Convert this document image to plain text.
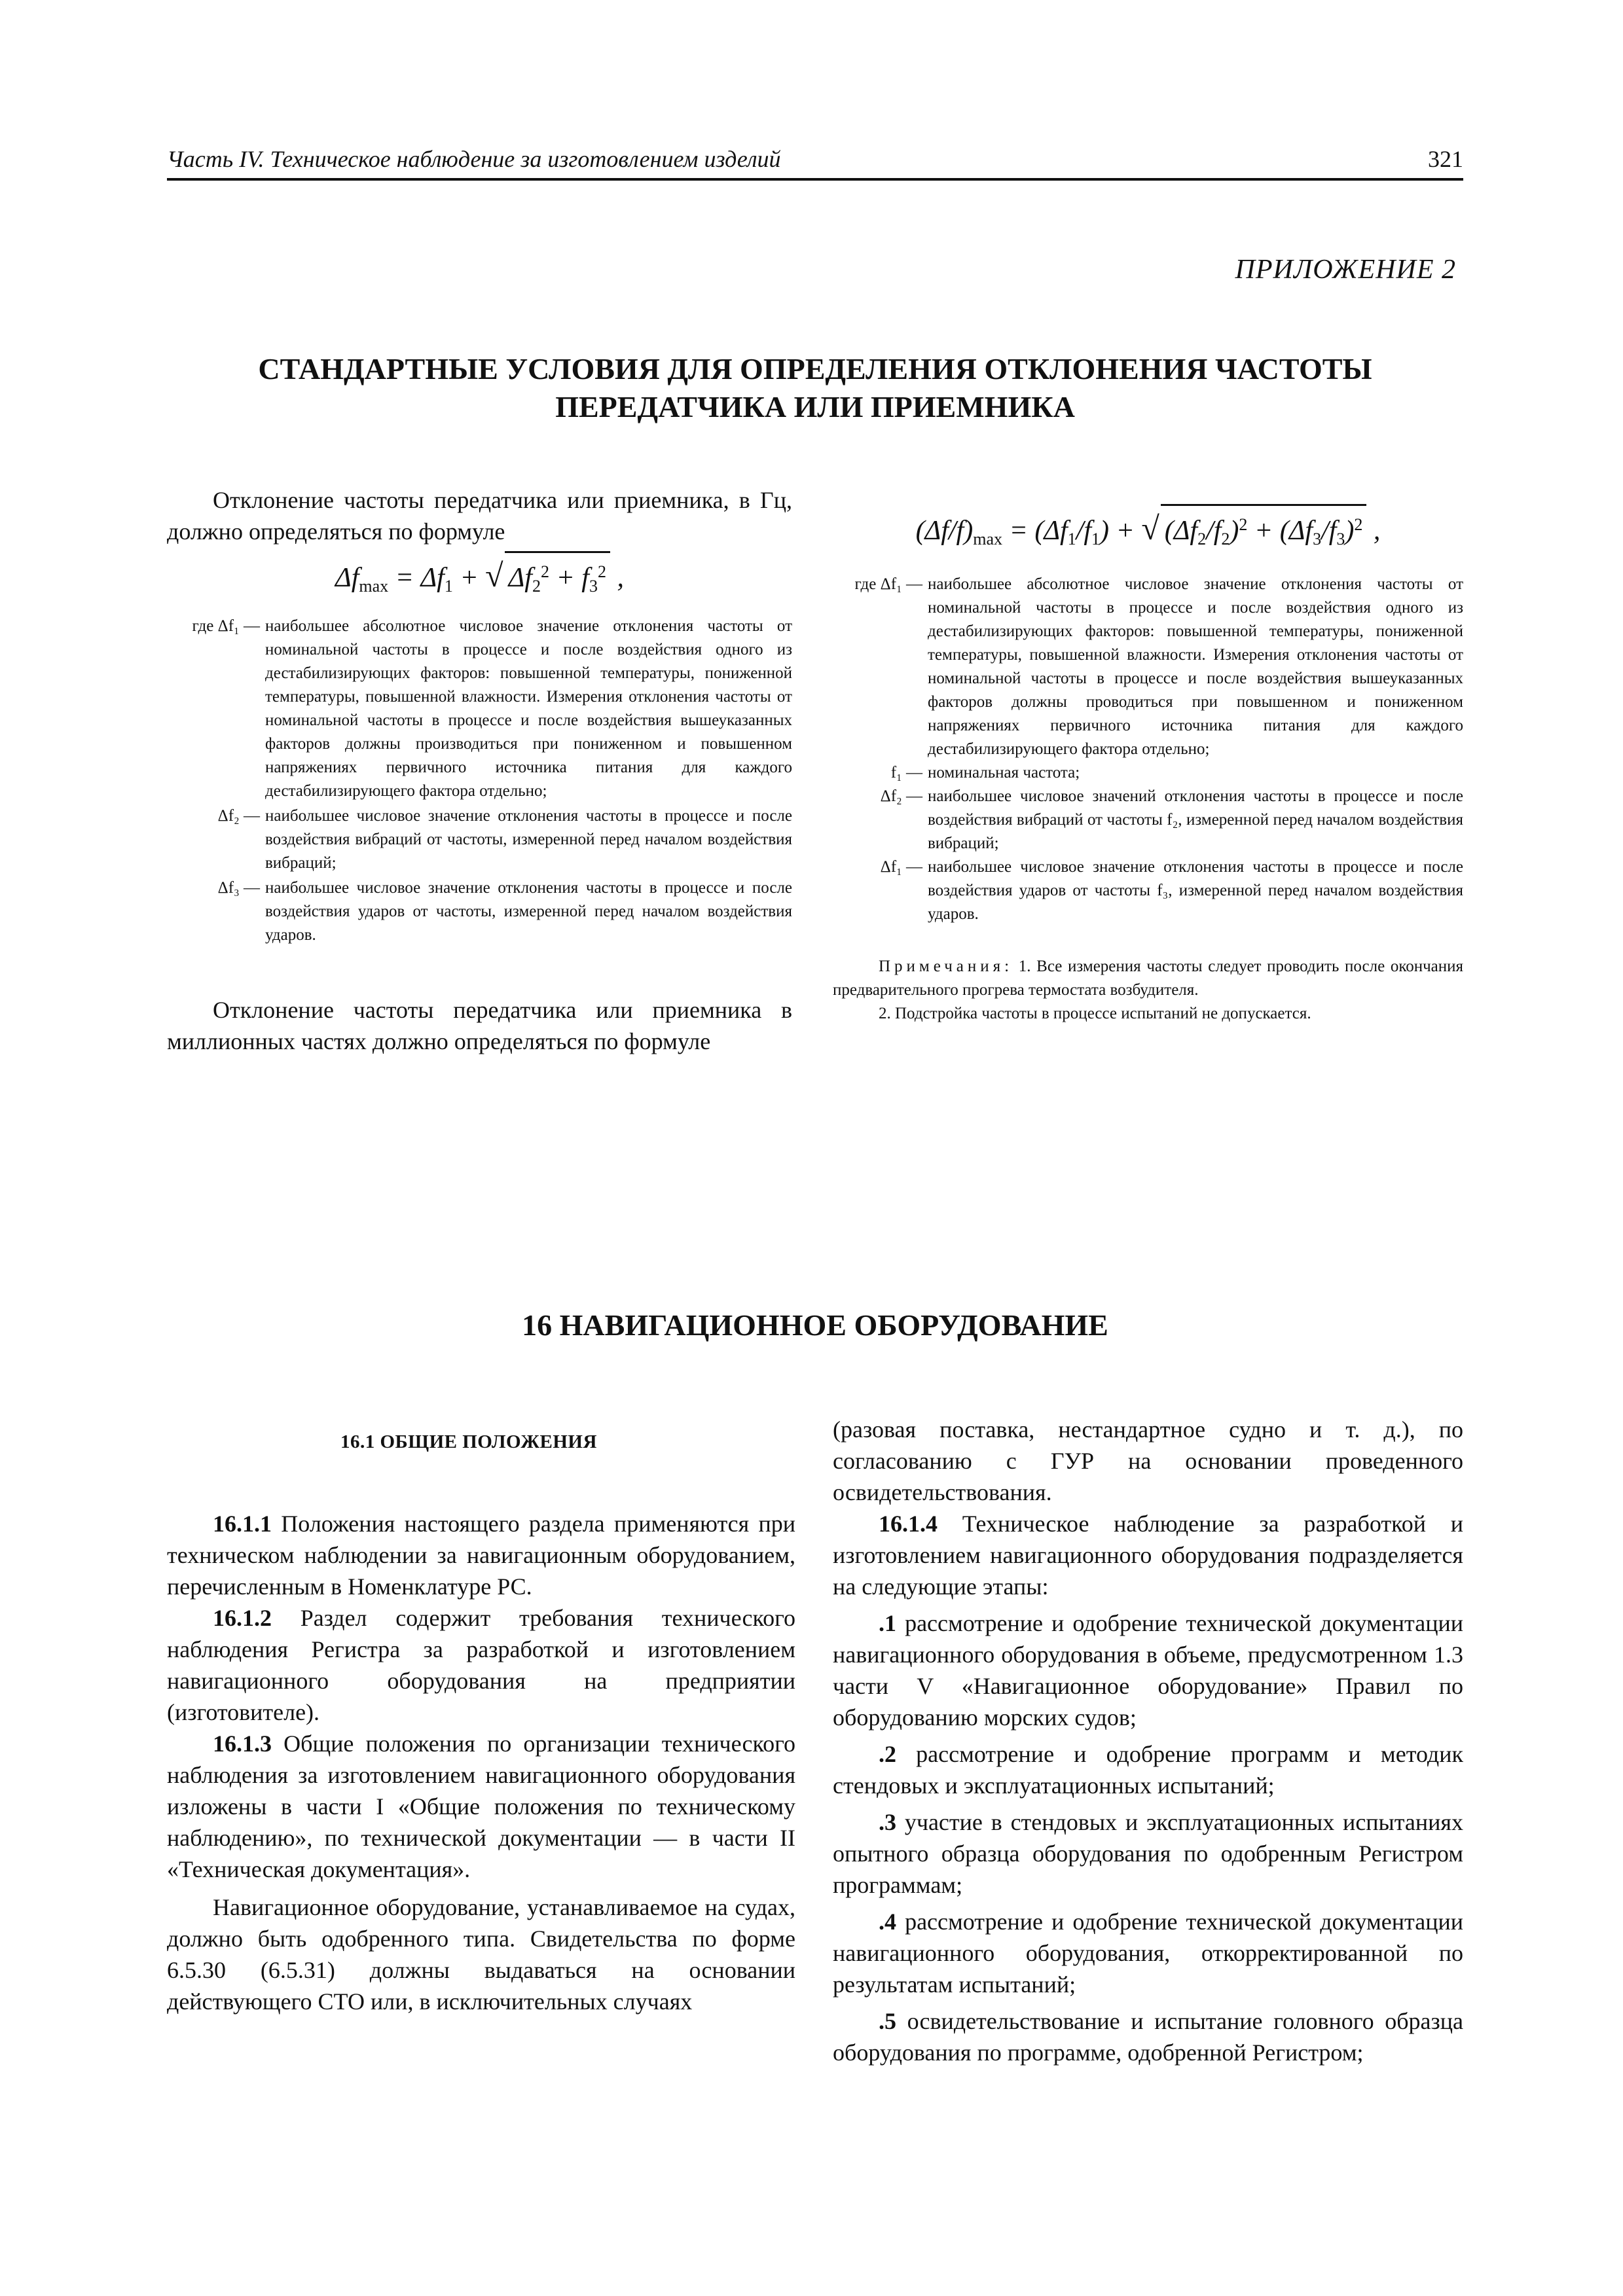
Часть IV. Техническое наблюдение за изготовлением изделий	321
ПРИЛОЖЕНИЕ 2
СТАНДАРТНЫЕ УСЛОВИЯ ДЛЯ ОПРЕДЕЛЕНИЯ ОТКЛОНЕНИЯ ЧАСТОТЫ
ПЕРЕДАТЧИКА ИЛИ ПРИЕМНИКА

Отклонение частоты передатчика или приемника, в Гц, должно определяться по формуле

$\Delta f_{max} = \Delta f_1$ + √ $\Delta f_2^2 + f_3^2$ ,
где Δf₁ — наибольшее абсолютное числовое значение отклонения частоты от номинальной частоты в процессе и после воздействия одного из дестабилизирующих факторов: повышенной температуры, пониженной температуры, повышенной влажности. Измерения отклонения частоты от номинальной частоты в процессе и после воздействия вышеуказанных факторов должны производиться при пониженном и повышенном напряжениях первичного источника питания для каждого дестабилизирующего фактора отдельно;
Δf₂ — наибольшее числовое значение отклонения частоты в процессе и после воздействия вибраций от частоты, измеренной перед началом воздействия вибраций;
Δf₃ — наибольшее числовое значение отклонения частоты в процессе и после воздействия ударов от частоты, измеренной перед началом воздействия ударов.

Отклонение частоты передатчика или приемника в миллионных частях должно определяться по формуле

$(\Delta f/f)_{max} = (\Delta f_1/f_1)$ + √ $(\Delta f_2/f_2)^2 + (\Delta f_3/f_3)^2$ ,
где Δf₁ — наибольшее абсолютное числовое значение отклонения частоты от номинальной частоты в процессе и после воздействия одного из дестабилизирующих факторов: повышенной температуры, пониженной температуры, повышенной влажности. Измерения отклонения частоты от номинальной частоты в процессе и после воздействия вышеуказанных факторов должны проводиться при повышенном и пониженном напряжениях первичного источника питания для каждого дестабилизирующего фактора отдельно;
f₁ — номинальная частота;
Δf₂ — наибольшее числовое значений отклонения частоты в процессе и после воздействия вибраций от частоты f₂, измеренной перед началом воздействия вибраций;
Δf₁ — наибольшее числовое значение отклонения частоты в процессе и после воздействия ударов от частоты f₃, измеренной перед началом воздействия ударов.

Примечания: 1. Все измерения частоты следует проводить после окончания предварительного прогрева термостата возбудителя.

2. Подстройка частоты в процессе испытаний не допускается.

16 НАВИГАЦИОННОЕ ОБОРУДОВАНИЕ
16.1 ОБЩИЕ ПОЛОЖЕНИЯ

16.1.1 Положения настоящего раздела применяются при техническом наблюдении за навигационным оборудованием, перечисленным в Номенклатуре РС.

16.1.2 Раздел содержит требования технического наблюдения Регистра за разработкой и изготовлением навигационного оборудования на предприятии (изготовителе).

16.1.3 Общие положения по организации технического наблюдения за изготовлением навигационного оборудования изложены в части I «Общие положения по техническому наблюдению», по технической документации — в части II «Техническая документация».

Навигационное оборудование, устанавливаемое на судах, должно быть одобренного типа. Свидетельства по форме 6.5.30 (6.5.31) должны выдаваться на основании действующего СТО или, в исключительных случаях

(разовая поставка, нестандартное судно и т. д.), по согласованию с ГУР на основании проведенного освидетельствования.

16.1.4 Техническое наблюдение за разработкой и изготовлением навигационного оборудования подразделяется на следующие этапы:

.1 рассмотрение и одобрение технической документации навигационного оборудования в объеме, предусмотренном 1.3 части V «Навигационное оборудование» Правил по оборудованию морских судов;

.2 рассмотрение и одобрение программ и методик стендовых и эксплуатационных испытаний;

.3 участие в стендовых и эксплуатационных испытаниях опытного образца оборудования по одобренным Регистром программам;

.4 рассмотрение и одобрение технической документации навигационного оборудования, откорректированной по результатам испытаний;

.5 освидетельствование и испытание головного образца оборудования по программе, одобренной Регистром;
